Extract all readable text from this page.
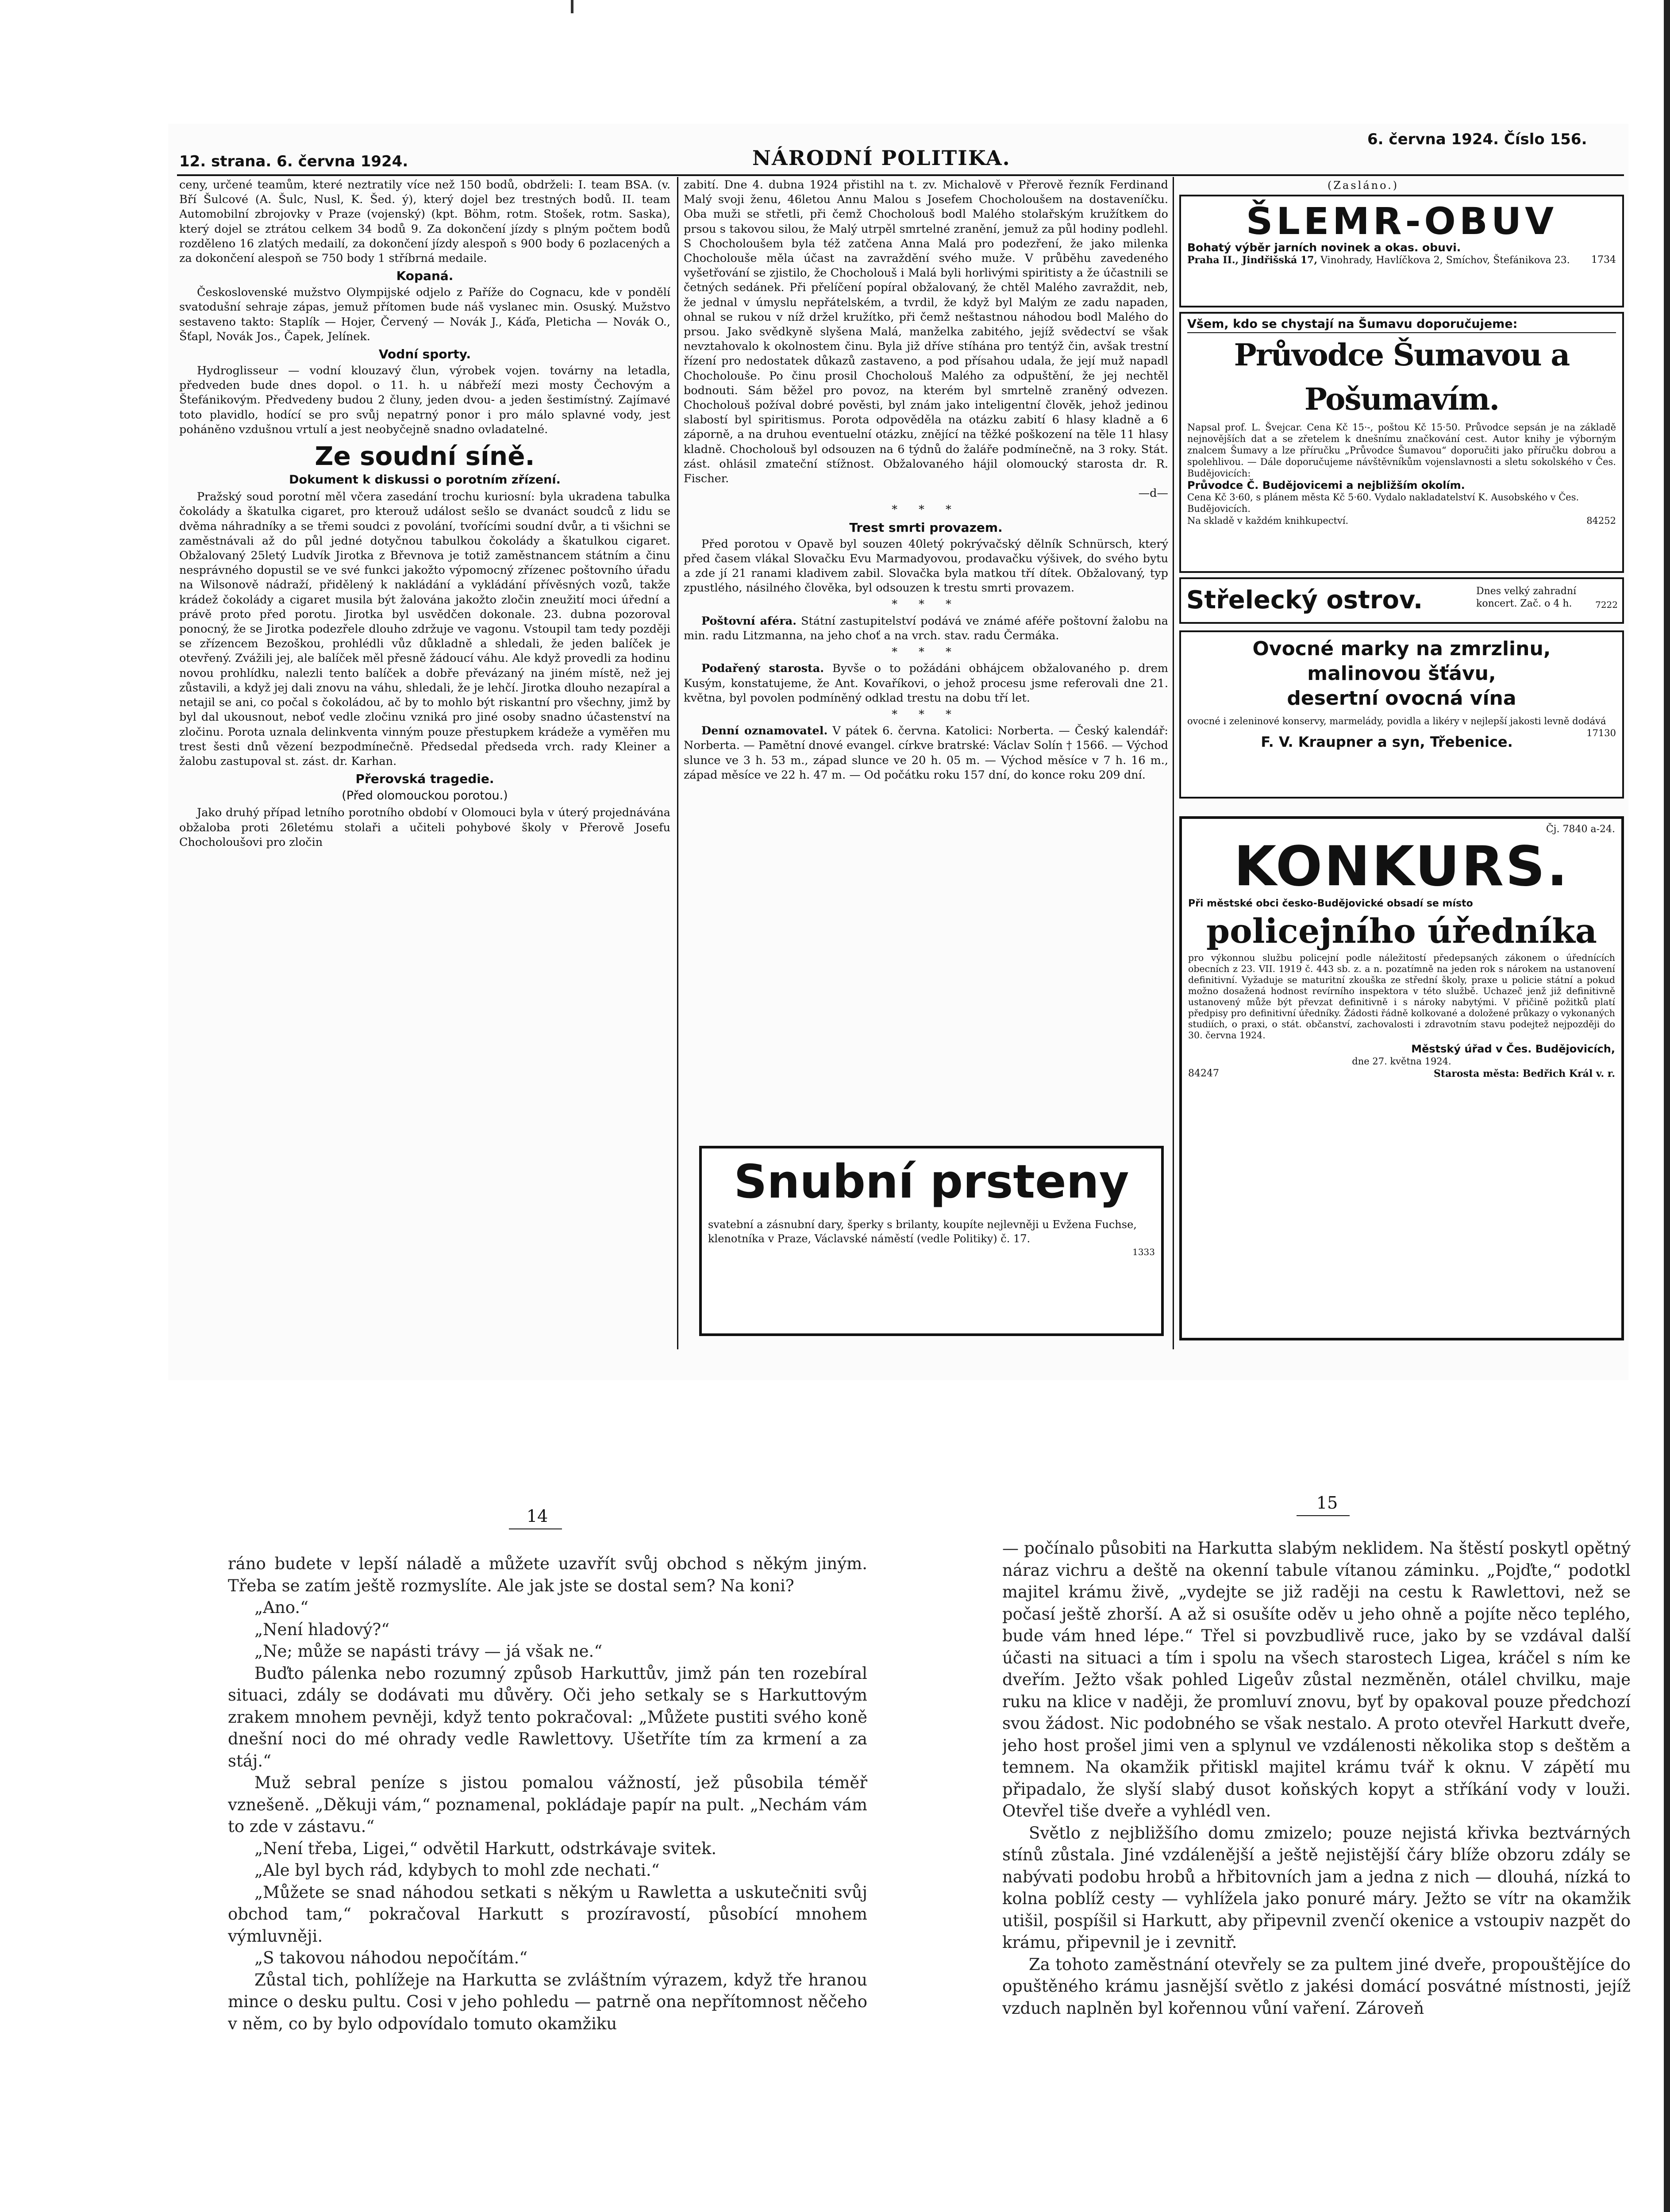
12. strana. 6. června 1924.	NÁRODNÍ POLITIKA.
6. června 1924. Číslo 156.

ceny, určené teamům, které neztratily více než 150 bodů, obdrželi: I. team BSA. (v. Bří Šulcové (A. Šulc, Nusl, K. Šed. ý), který dojel bez trestných bodů. II. team Automobilní zbrojovky v Praze (vojenský) (kpt. Böhm, rotm. Stošek, rotm. Saska), který dojel se ztrátou celkem 34 bodů 9. Za dokončení jízdy s plným počtem bodů rozděleno 16 zlatých medailí, za dokončení jízdy alespoň s 900 body 6 pozlacených a za dokončení alespoň se 750 body 1 stříbrná medaile.

Kopaná.

Československé mužstvo Olympijské odjelo z Paříže do Cognacu, kde v pondělí svatodušní sehraje zápas, jemuž přítomen bude náš vyslanec min. Osuský. Mužstvo sestaveno takto: Staplík — Hojer, Červený — Novák J., Káďa, Pleticha — Novák O., Šťapl, Novák Jos., Čapek, Jelínek.

Vodní sporty.

Hydroglisseur — vodní klouzavý člun, výrobek vojen. továrny na letadla, předveden bude dnes dopol. o 11. h. u nábřeží mezi mosty Čechovým a Štefánikovým. Předvedeny budou 2 čluny, jeden dvou- a jeden šestimístný. Zajímavé toto plavidlo, hodící se pro svůj nepatrný ponor i pro málo splavné vody, jest poháněno vzdušnou vrtulí a jest neobyčejně snadno ovladatelné.

Ze soudní síně.
Dokument k diskussi o porotním zřízení.

Pražský soud porotní měl včera zasedání trochu kuriosní: byla ukradena tabulka čokolády a škatulka cigaret, pro kterouž událost sešlo se dvanáct soudců z lidu se dvěma náhradníky a se třemi soudci z povolání, tvořícími soudní dvůr, a ti všichni se zaměstnávali až do půl jedné dotyčnou tabulkou čokolády a škatulkou cigaret. Obžalovaný 25letý Ludvík Jirotka z Břevnova je totiž zaměstnancem státním a činu nesprávného dopustil se ve své funkci jakožto výpomocný zřízenec poštovního úřadu na Wilsonově nádraží, přidělený k nakládání a vykládání přívěsných vozů, takže krádež čokolády a cigaret musila být žalována jakožto zločin zneužití moci úřední a právě proto před porotu. Jirotka byl usvědčen dokonale. 23. dubna pozoroval ponocný, že se Jirotka podezřele dlouho zdržuje ve vagonu. Vstoupil tam tedy později se zřízencem Bezoškou, prohlédli vůz důkladně a shledali, že jeden balíček je otevřený. Zvážili jej, ale balíček měl přesně žádoucí váhu. Ale když provedli za hodinu novou prohlídku, nalezli tento balíček a dobře převázaný na jiném místě, než jej zůstavili, a když jej dali znovu na váhu, shledali, že je lehčí. Jirotka dlouho nezapíral a netajil se ani, co počal s čokoládou, ač by to mohlo být riskantní pro všechny, jimž by byl dal ukousnout, neboť vedle zločinu vzniká pro jiné osoby snadno účastenství na zločinu. Porota uznala delinkventa vinným pouze přestupkem krádeže a vyměřen mu trest šesti dnů vězení bezpodmínečně. Předsedal předseda vrch. rady Kleiner a žalobu zastupoval st. zást. dr. Karhan.

Přerovská tragedie.
(Před olomouckou porotou.)

Jako druhý případ letního porotního období v Olomouci byla v úterý projednávána obžaloba proti 26letému stolaři a učiteli pohybové školy v Přerově Josefu Chocholoušovi pro zločin

zabití. Dne 4. dubna 1924 přistihl na t. zv. Michalově v Přerově řezník Ferdinand Malý svoji ženu, 46letou Annu Malou s Josefem Chocholoušem na dostaveníčku. Oba muži se střetli, při čemž Chocholouš bodl Malého stolařským kružítkem do prsou s takovou silou, že Malý utrpěl smrtelné zranění, jemuž za půl hodiny podlehl. S Chocholoušem byla též zatčena Anna Malá pro podezření, že jako milenka Chocholouše měla účast na zavraždění svého muže. V průběhu zavedeného vyšetřování se zjistilo, že Chocholouš i Malá byli horlivými spiritisty a že účastnili se četných sedánek. Při přelíčení popíral obžalovaný, že chtěl Malého zavraždit, neb, že jednal v úmyslu nepřátelském, a tvrdil, že když byl Malým ze zadu napaden, ohnal se rukou v níž držel kružítko, při čemž neštastnou náhodou bodl Malého do prsou. Jako svědkyně slyšena Malá, manželka zabitého, jejíž svědectví se však nevztahovalo k okolnostem činu. Byla již dříve stíhána pro tentýž čin, avšak trestní řízení pro nedostatek důkazů zastaveno, a pod přísahou udala, že její muž napadl Chocholouše. Po činu prosil Chocholouš Malého za odpuštění, že jej nechtěl bodnouti. Sám běžel pro povoz, na kterém byl smrtelně zraněný odvezen. Chocholouš požíval dobré pověsti, byl znám jako inteligentní člověk, jehož jedinou slabostí byl spiritismus. Porota odpověděla na otázku zabití 6 hlasy kladně a 6 záporně, a na druhou eventuelní otázku, znějící na těžké poškození na těle 11 hlasy kladně. Chocholouš byl odsouzen na 6 týdnů do žaláře podmínečně, na 3 roky. Stát. zást. ohlásil zmateční stížnost. Obžalovaného hájil olomoucký starosta dr. R. Fischer.

—d—
* * *
Trest smrti provazem.

Před porotou v Opavě byl souzen 40letý pokrývačský dělník Schnürsch, který před časem vlákal Slovačku Evu Marmadyovou, prodavačku výšivek, do svého bytu a zde jí 21 ranami kladivem zabil. Slovačka byla matkou tří dítek. Obžalovaný, typ zpustlého, násilného člověka, byl odsouzen k trestu smrti provazem.

* * *

Poštovní aféra. Státní zastupitelství podává ve známé aféře poštovní žalobu na min. radu Litzmanna, na jeho choť a na vrch. stav. radu Čermáka.

* * *

Podařený starosta. Byvše o to požádáni obhájcem obžalovaného p. drem Kusým, konstatujeme, že Ant. Kovaříkovi, o jehož procesu jsme referovali dne 21. května, byl povolen podmíněný odklad trestu na dobu tří let.

* * *

Denní oznamovatel. V pátek 6. června. Katolici: Norberta. — Český kalendář: Norberta. — Pamětní dnové evangel. církve bratrské: Václav Solín † 1566. — Východ slunce ve 3 h. 53 m., západ slunce ve 20 h. 05 m. — Východ měsíce v 7 h. 16 m., západ měsíce ve 22 h. 47 m. — Od počátku roku 157 dní, do konce roku 209 dní.

Snubní prsteny
svatební a zásnubní dary, šperky s brilanty, koupíte nejlevněji u Evžena Fuchse, klenotníka v Praze, Václavské náměstí (vedle Politiky) č. 17.
1333
(Zasláno.)
ŠLEMR-OBUV
Bohatý výběr jarních novinek a okas. obuvi.
Praha II., Jindřišská 17, Vinohrady, Havlíčkova 2, Smíchov, Štefánikova 23. 1734
Všem, kdo se chystají na Šumavu doporučujeme:
Průvodce Šumavou a Pošumavím.
Napsal prof. L. Švejcar. Cena Kč 15·-, poštou Kč 15·50. Průvodce sepsán je na základě nejnovějších dat a se zřetelem k dnešnímu značkování cest. Autor knihy je výborným znalcem Šumavy a lze příručku „Průvodce Šumavou“ doporučiti jako příručku dobrou a spolehlivou. — Dále doporučujeme návštěvníkům vojenslavnosti a sletu sokolského v Čes. Budějovicích:
Průvodce Č. Budějovicemi a nejbližším okolím.
Cena Kč 3·60, s plánem města Kč 5·60. Vydalo nakladatelství K. Ausobského v Čes. Budějovicích.
Na skladě v každém knihkupectví.	84252
Střelecký ostrov.	Dnes velký zahradní koncert. Zač. o 4 h.	7222
Ovocné marky na zmrzlinu,
malinovou šťávu,
desertní ovocná vína
ovocné i zeleninové konservy, marmelády, povidla a likéry v nejlepší jakosti levně dodává
17130
F. V. Kraupner a syn, Třebenice.
Čj. 7840 a-24.
KONKURS.
Při městské obci česko-Budějovické obsadí se místo
policejního úředníka
pro výkonnou službu policejní podle náležitostí předepsaných zákonem o úřednících obecních z 23. VII. 1919 č. 443 sb. z. a n. pozatímně na jeden rok s nárokem na ustanovení definitivní. Vyžaduje se maturitní zkouška ze střední školy, praxe u policie státní a pokud možno dosažená hodnost revírního inspektora v této službě. Uchazeč jenž již definitivně ustanovený může být převzat definitivně i s nároky nabytými. V přičině požitků platí předpisy pro definitivní úředníky. Žádosti řádně kolkované a doložené průkazy o vykonaných studiích, o praxi, o stát. občanství, zachovalosti i zdravotním stavu podejtež nejpozději do 30. června 1924.
Městský úřad v Čes. Budějovicích,
dne 27. května 1924.
84247	Starosta města: Bedřich Král v. r.
14
15

ráno budete v lepší náladě a můžete uzavřít svůj obchod s někým jiným. Třeba se zatím ještě rozmyslíte. Ale jak jste se dostal sem? Na koni?

„Ano.“

„Není hladový?“

„Ne; může se napásti trávy — já však ne.“

Buďto pálenka nebo rozumný způsob Harkuttův, jimž pán ten rozebíral situaci, zdály se dodávati mu důvěry. Oči jeho setkaly se s Harkuttovým zrakem mnohem pevněji, když tento pokračoval: „Můžete pustiti svého koně dnešní noci do mé ohrady vedle Rawlettovy. Ušetříte tím za krmení a za stáj.“

Muž sebral peníze s jistou pomalou vážností, jež působila téměř vznešeně. „Děkuji vám,“ poznamenal, pokládaje papír na pult. „Nechám vám to zde v zástavu.“

„Není třeba, Ligei,“ odvětil Harkutt, odstrkávaje svitek.

„Ale byl bych rád, kdybych to mohl zde nechati.“

„Můžete se snad náhodou setkati s někým u Rawletta a uskutečniti svůj obchod tam,“ pokračoval Harkutt s prozíravostí, působící mnohem výmluvněji.

„S takovou náhodou nepočítám.“

Zůstal tich, pohlížeje na Harkutta se zvláštním výrazem, když tře hranou mince o desku pultu. Cosi v jeho pohledu — patrně ona nepřítomnost něčeho v něm, co by bylo odpovídalo tomuto okamžiku

— počínalo působiti na Harkutta slabým neklidem. Na štěstí poskytl opětný náraz vichru a deště na okenní tabule vítanou záminku. „Pojďte,“ podotkl majitel krámu živě, „vydejte se již raději na cestu k Rawlettovi, než se počasí ještě zhorší. A až si osušíte oděv u jeho ohně a pojíte něco teplého, bude vám hned lépe.“ Třel si povzbudlivě ruce, jako by se vzdával další účasti na situaci a tím i spolu na všech starostech Ligea, kráčel s ním ke dveřím. Ježto však pohled Ligeův zůstal nezměněn, otálel chvilku, maje ruku na klice v naději, že promluví znovu, byť by opakoval pouze předchozí svou žádost. Nic podobného se však nestalo. A proto otevřel Harkutt dveře, jeho host prošel jimi ven a splynul ve vzdálenosti několika stop s deštěm a temnem. Na okamžik přitiskl majitel krámu tvář k oknu. V zápětí mu připadalo, že slyší slabý dusot koňských kopyt a stříkání vody v louži. Otevřel tiše dveře a vyhlédl ven.

Světlo z nejbližšího domu zmizelo; pouze nejistá křivka beztvárných stínů zůstala. Jiné vzdálenější a ještě nejistější čáry blíže obzoru zdály se nabývati podobu hrobů a hřbitovních jam a jedna z nich — dlouhá, nízká to kolna poblíž cesty — vyhlížela jako ponuré máry. Ježto se vítr na okamžik utišil, pospíšil si Harkutt, aby připevnil zvenčí okenice a vstoupiv nazpět do krámu, připevnil je i zevnitř.

Za tohoto zaměstnání otevřely se za pultem jiné dveře, propouštějíce do opuštěného krámu jasnější světlo z jakési domácí posvátné místnosti, jejíž vzduch naplněn byl kořennou vůní vaření. Zároveň
